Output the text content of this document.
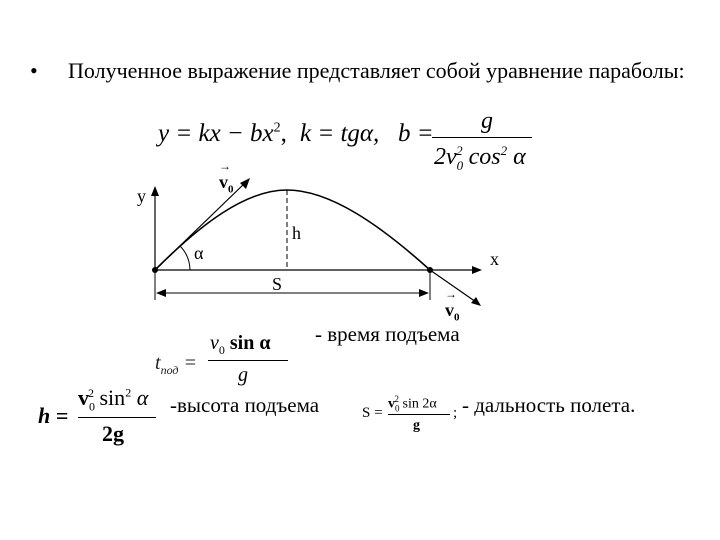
• Полученное выражение представляет собой уравнение параболы:
y = kx − $bx^2$, k = tgα, b =	g
$2v_0^2$ $\cos^2 \alpha$
y
x
v
→
$_0$
h
α
S
v
→
$_0$
$t_{под}$ =
$v_0$ sin α
g
- время подъема
h =
$v_0^2$ $\sin^2 \alpha$
2g
-высота подъема	S =
$v_0^2$ sin 2α
g
; - дальность полета.
